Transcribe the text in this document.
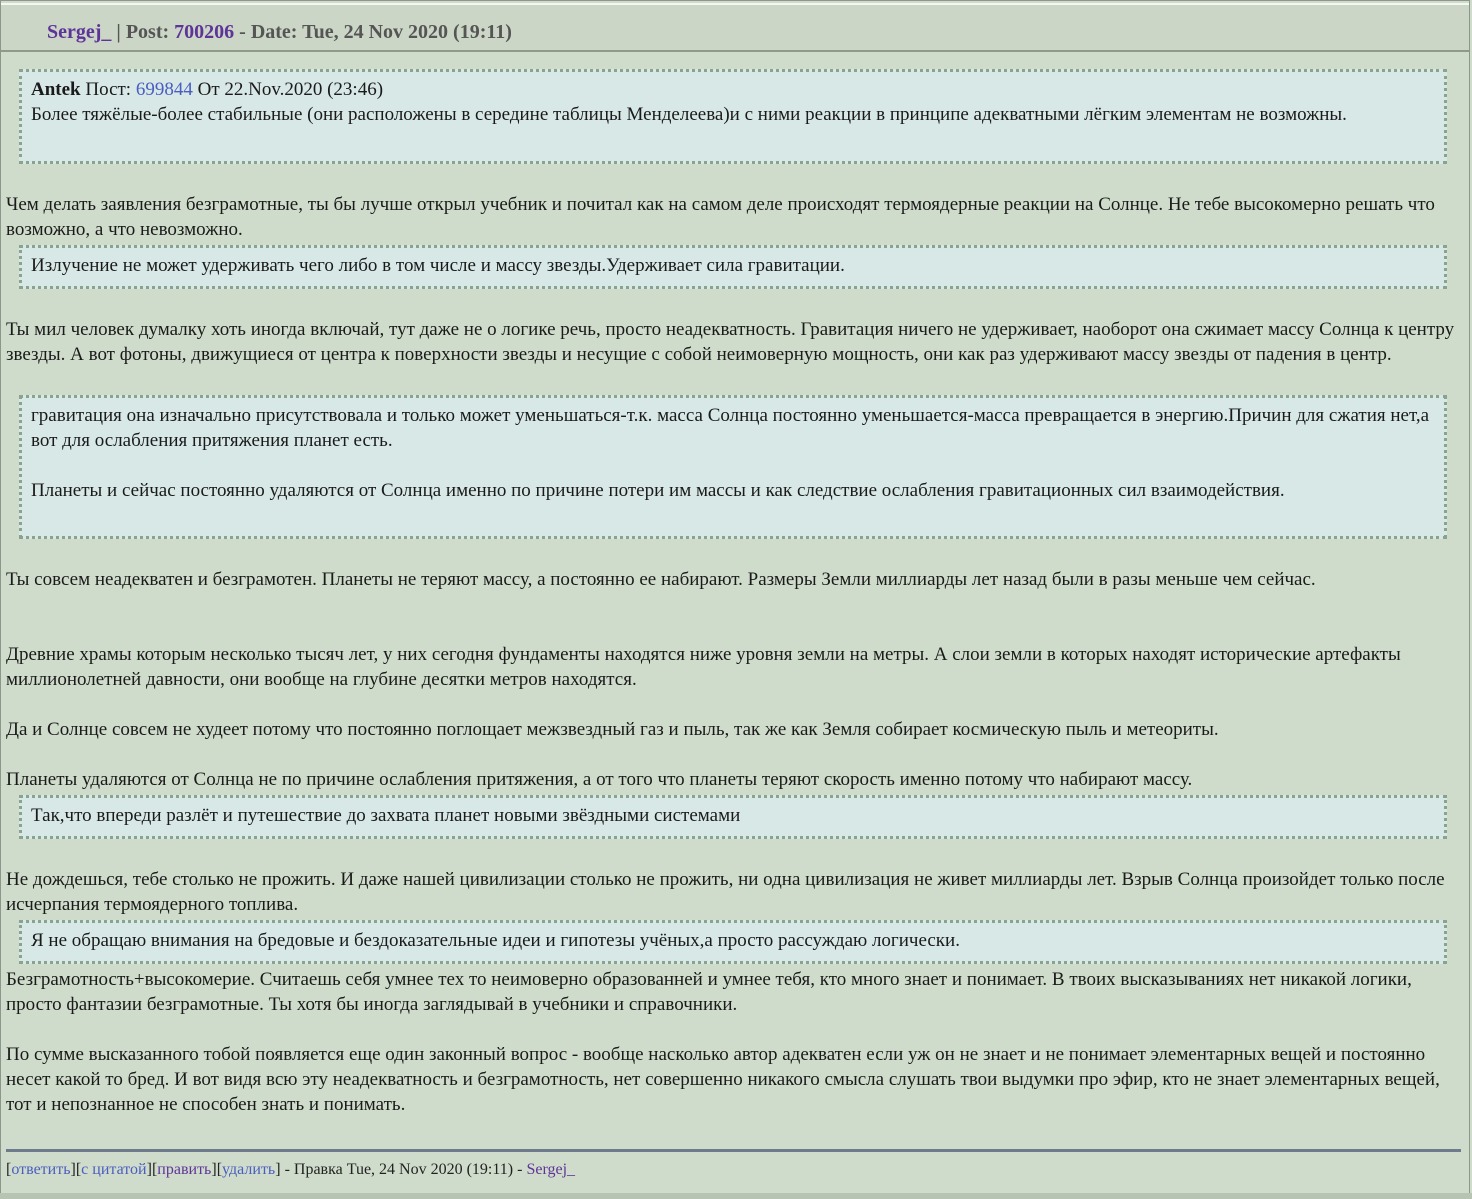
Sergej_ | Post: 700206 - Date: Tue, 24 Nov 2020 (19:11)
Antek Пост: 699844 От 22.Nov.2020 (23:46)
Более тяжёлые-более стабильные (они расположены в середине таблицы Менделеева)и с ними реакции в принципе адекватными лёгким элементам не возможны.
Чем делать заявления безграмотные, ты бы лучше открыл учебник и почитал как на самом деле происходят термоядерные реакции на Солнце. Не тебе высокомерно решать что возможно, а что невозможно.
Излучение не может удерживать чего либо в том числе и массу звезды.Удерживает сила гравитации.
Ты мил человек думалку хоть иногда включай, тут даже не о логике речь, просто неадекватность. Гравитация ничего не удерживает, наоборот она сжимает массу Солнца к центру звезды. А вот фотоны, движущиеся от центра к поверхности звезды и несущие с собой неимоверную мощность, они как раз удерживают массу звезды от падения в центр.
гравитация она изначально присутствовала и только может уменьшаться-т.к. масса Солнца постоянно уменьшается-масса превращается в энергию.Причин для сжатия нет,а вот для ослабления притяжения планет есть.
Планеты и сейчас постоянно удаляются от Солнца именно по причине потери им массы и как следствие ослабления гравитационных сил взаимодействия.
Ты совсем неадекватен и безграмотен. Планеты не теряют массу, а постоянно ее набирают. Размеры Земли миллиарды лет назад были в разы меньше чем сейчас.
Древние храмы которым несколько тысяч лет, у них сегодня фундаменты находятся ниже уровня земли на метры. А слои земли в которых находят исторические артефакты миллионолетней давности, они вообще на глубине десятки метров находятся.
Да и Солнце совсем не худеет потому что постоянно поглощает межзвездный газ и пыль, так же как Земля собирает космическую пыль и метеориты.
Планеты удаляются от Солнца не по причине ослабления притяжения, а от того что планеты теряют скорость именно потому что набирают массу.
Так,что впереди разлёт и путешествие до захвата планет новыми звёздными системами
Не дождешься, тебе столько не прожить. И даже нашей цивилизации столько не прожить, ни одна цивилизация не живет миллиарды лет. Взрыв Солнца произойдет только после исчерпания термоядерного топлива.
Я не обращаю внимания на бредовые и бездоказательные идеи и гипотезы учёных,а просто рассуждаю логически.
Безграмотность+высокомерие. Считаешь себя умнее тех то неимоверно образованней и умнее тебя, кто много знает и понимает. В твоих высказываниях нет никакой логики, просто фантазии безграмотные. Ты хотя бы иногда заглядывай в учебники и справочники.
По сумме высказанного тобой появляется еще один законный вопрос - вообще насколько автор адекватен если уж он не знает и не понимает элементарных вещей и постоянно несет какой то бред. И вот видя всю эту неадекватность и безграмотность, нет совершенно никакого смысла слушать твои выдумки про эфир, кто не знает элементарных вещей, тот и непознанное не способен знать и понимать.
[ответить][с цитатой][править][удалить] - Правка Tue, 24 Nov 2020 (19:11) - Sergej_
